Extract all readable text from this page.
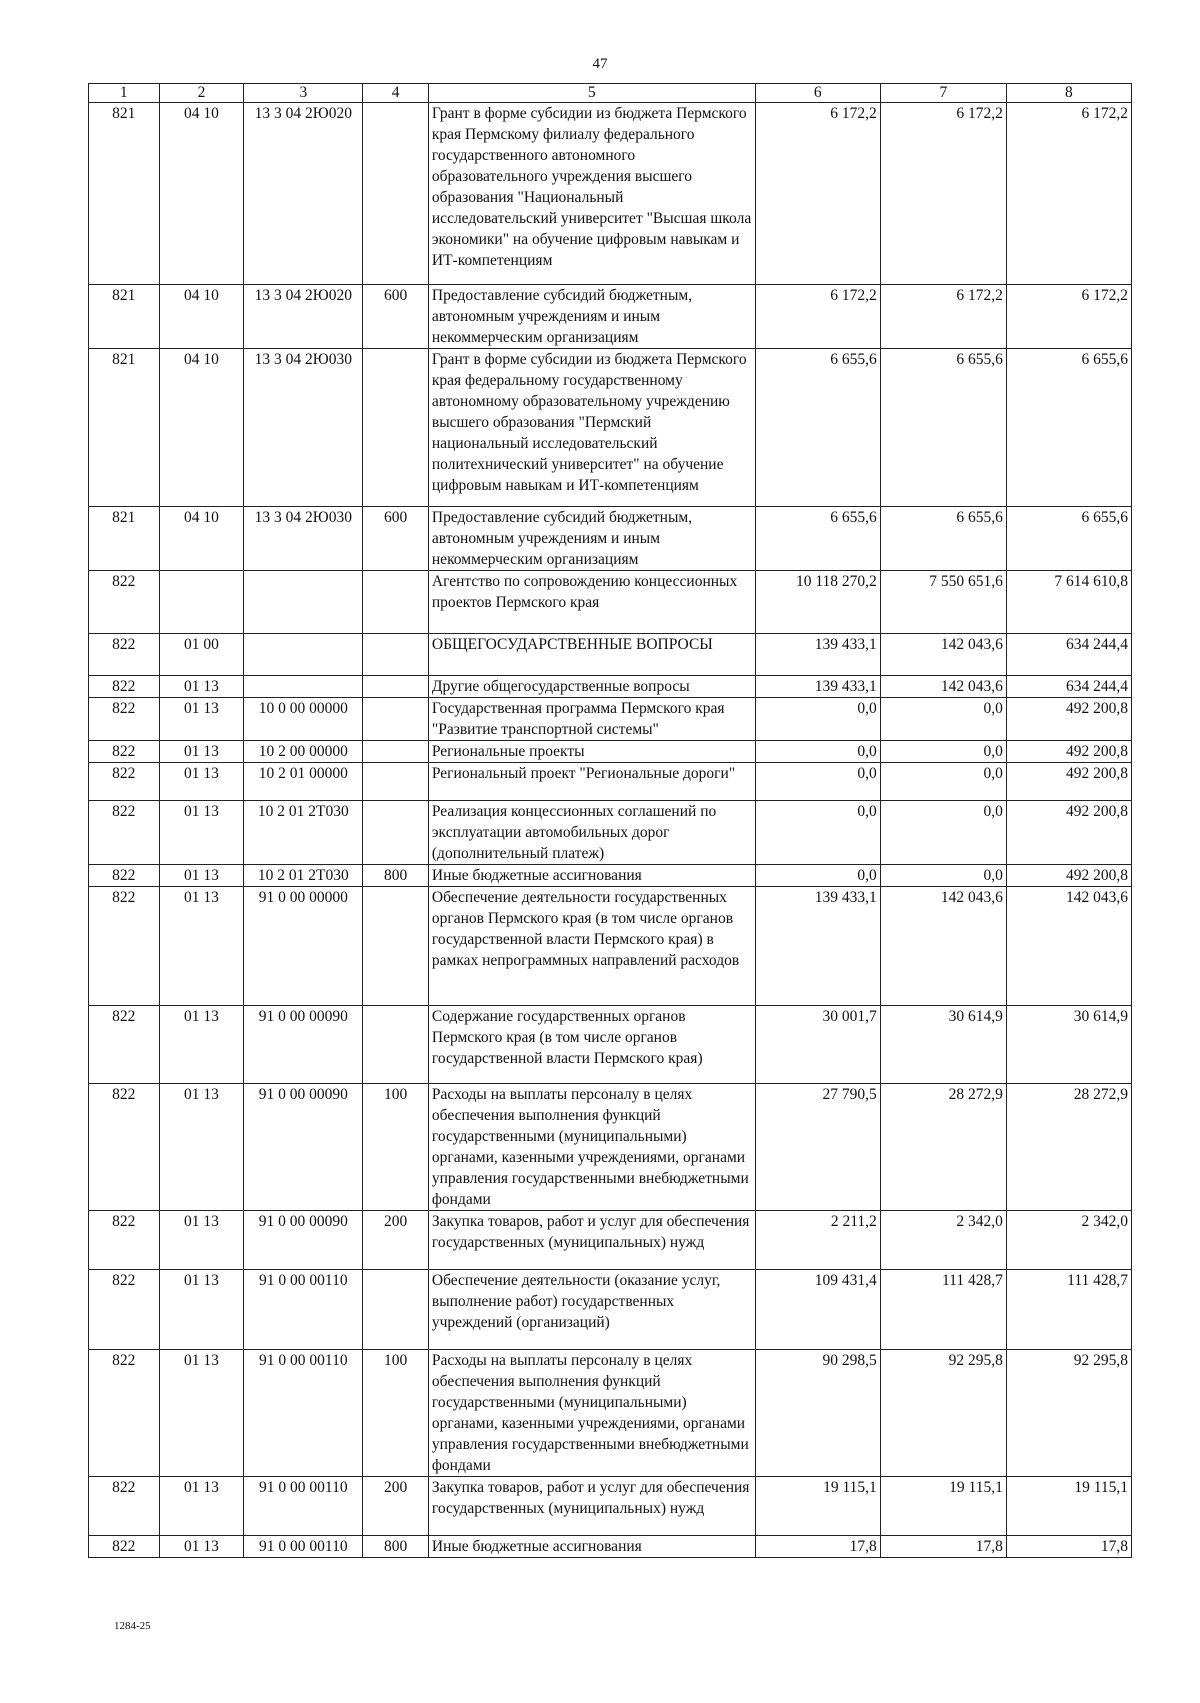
47
1	2	3	4	5	6	7	8
821	04 10	13 3 04 2Ю020		Грант в форме субсидии из бюджета Пермского края Пермскому филиалу федерального государственного автономного образовательного учреждения высшего образования "Национальный исследовательский университет "Высшая школа экономики" на обучение цифровым навыкам и ИТ-компетенциям	6 172,2	6 172,2	6 172,2
821	04 10	13 3 04 2Ю020	600	Предоставление субсидий бюджетным, автономным учреждениям и иным некоммерческим организациям	6 172,2	6 172,2	6 172,2
821	04 10	13 3 04 2Ю030		Грант в форме субсидии из бюджета Пермского края федеральному государственному автономному образовательному учреждению высшего образования "Пермский национальный исследовательский политехнический университет" на обучение цифровым навыкам и ИТ-компетенциям	6 655,6	6 655,6	6 655,6
821	04 10	13 3 04 2Ю030	600	Предоставление субсидий бюджетным, автономным учреждениям и иным некоммерческим организациям	6 655,6	6 655,6	6 655,6
822				Агентство по сопровождению концессионных проектов Пермского края	10 118 270,2	7 550 651,6	7 614 610,8
822	01 00			ОБЩЕГОСУДАРСТВЕННЫЕ ВОПРОСЫ	139 433,1	142 043,6	634 244,4
822	01 13			Другие общегосударственные вопросы	139 433,1	142 043,6	634 244,4
822	01 13	10 0 00 00000		Государственная программа Пермского края "Развитие транспортной системы"	0,0	0,0	492 200,8
822	01 13	10 2 00 00000		Региональные проекты	0,0	0,0	492 200,8
822	01 13	10 2 01 00000		Региональный проект "Региональные дороги"	0,0	0,0	492 200,8
822	01 13	10 2 01 2Т030		Реализация концессионных соглашений по эксплуатации автомобильных дорог (дополнительный платеж)	0,0	0,0	492 200,8
822	01 13	10 2 01 2Т030	800	Иные бюджетные ассигнования	0,0	0,0	492 200,8
822	01 13	91 0 00 00000		Обеспечение деятельности государственных органов Пермского края (в том числе органов государственной власти Пермского края) в рамках непрограммных направлений расходов	139 433,1	142 043,6	142 043,6
822	01 13	91 0 00 00090		Содержание государственных органов Пермского края (в том числе органов государственной власти Пермского края)	30 001,7	30 614,9	30 614,9
822	01 13	91 0 00 00090	100	Расходы на выплаты персоналу в целях обеспечения выполнения функций государственными (муниципальными) органами, казенными учреждениями, органами управления государственными внебюджетными фондами	27 790,5	28 272,9	28 272,9
822	01 13	91 0 00 00090	200	Закупка товаров, работ и услуг для обеспечения государственных (муниципальных) нужд	2 211,2	2 342,0	2 342,0
822	01 13	91 0 00 00110		Обеспечение деятельности (оказание услуг, выполнение работ) государственных учреждений (организаций)	109 431,4	111 428,7	111 428,7
822	01 13	91 0 00 00110	100	Расходы на выплаты персоналу в целях обеспечения выполнения функций государственными (муниципальными) органами, казенными учреждениями, органами управления государственными внебюджетными фондами	90 298,5	92 295,8	92 295,8
822	01 13	91 0 00 00110	200	Закупка товаров, работ и услуг для обеспечения государственных (муниципальных) нужд	19 115,1	19 115,1	19 115,1
822	01 13	91 0 00 00110	800	Иные бюджетные ассигнования	17,8	17,8	17,8
1284-25
